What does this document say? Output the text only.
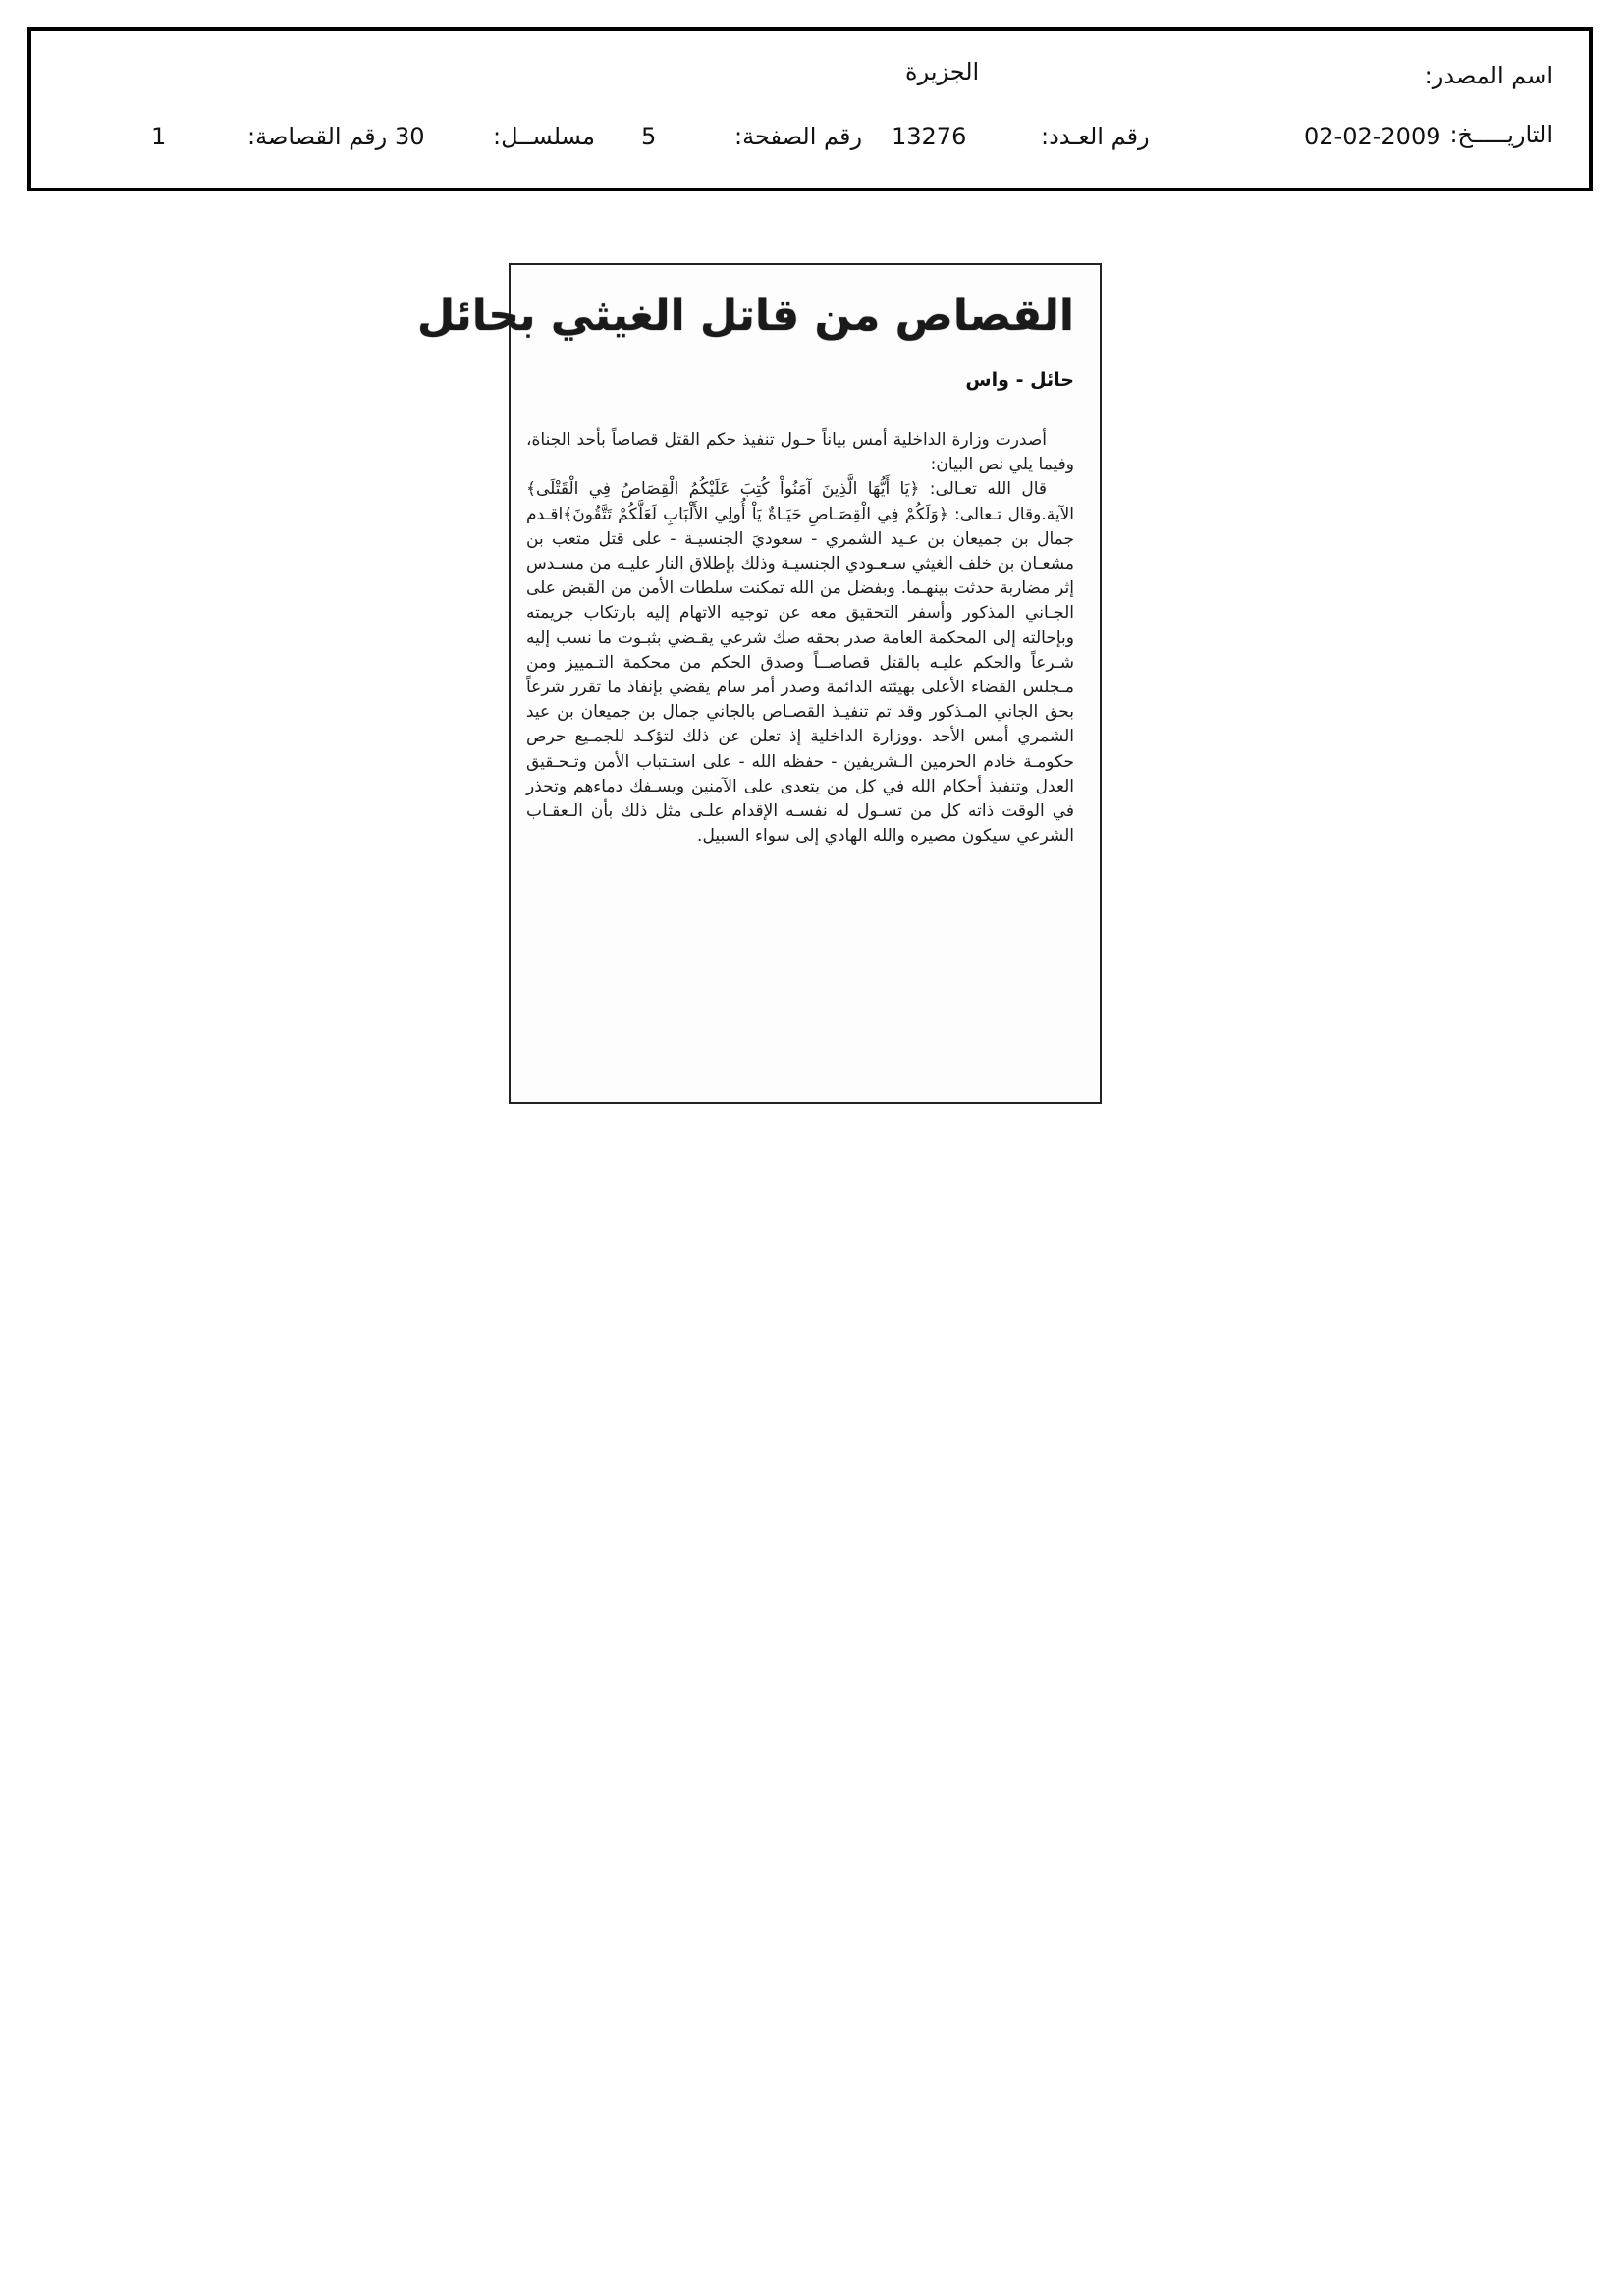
اسم المصدر:
الجزيرة
التاريـــــخ:
02-02-2009
رقم العـدد:
13276
رقم الصفحة:
5
مسلســل:
30
رقم القصاصة:
1
القصاص من قاتل الغيثي بحائل
حائل - واس

أصدرت وزارة الداخلية أمس بياناً حـول تنفيذ حكم القتل قصاصاً بأحد الجناة، وفيما يلي نص البيان:

قال الله تعـالى: ﴿يَا أَيُّهَا الَّذِينَ آمَنُواْ كُتِبَ عَلَيْكُمُ الْقِصَاصُ فِي الْقَتْلَى﴾الآية.وقال تـعالى: ﴿وَلَكُمْ فِي الْقِصَـاصِ حَيَـاةٌ يَاْ أُولِي الأَلْبَابِ لَعَلَّكُمْ تَتَّقُونَ﴾اقـدم جمال بن جميعان بن عـيد الشمري - سعوديَ الجنسيـة - على قتل متعب بن مشعـان بن خلف الغيثي سـعـودي الجنسيـة وذلك بإطلاق النار عليـه من مسـدس إثر مضاربة حدثت بينهـما. وبفضل من الله تمكنت سلطات الأمن من القبض على الجـاني المذكور وأسفر التحقيق معه عن توجيه الاتهام إليه بارتكاب جريمته وبإحالته إلى المحكمة العامة صدر بحقه صك شرعي يقـضي بثبـوت ما نسب إليه شـرعاً والحكم عليـه بالقتل قصاصــاً وصدق الحكم من محكمة التـمييز ومن مـجلس القضاء الأعلى بهيئته الدائمة وصدر أمر سام يقضي بإنفاذ ما تقرر شرعاً بحق الجاني المـذكور وقد تم تنفيـذ القصـاص بالجاني جمال بن جميعان بن عيد الشمري أمس الأحد .ووزارة الداخلية إذ تعلن عن ذلك لتؤكـد للجمـيع حرص حكومـة خادم الحرمين الـشريفين - حفظه الله - على استـتباب الأمن وتـحـقيق العدل وتنفيذ أحكام الله في كل من يتعدى على الآمنين ويسـفك دماءهم وتحذر في الوقت ذاته كل من تسـول له نفسـه الإقدام علـى مثل ذلك بأن الـعقـاب الشرعي سيكون مصيره والله الهادي إلى سواء السبيل.
